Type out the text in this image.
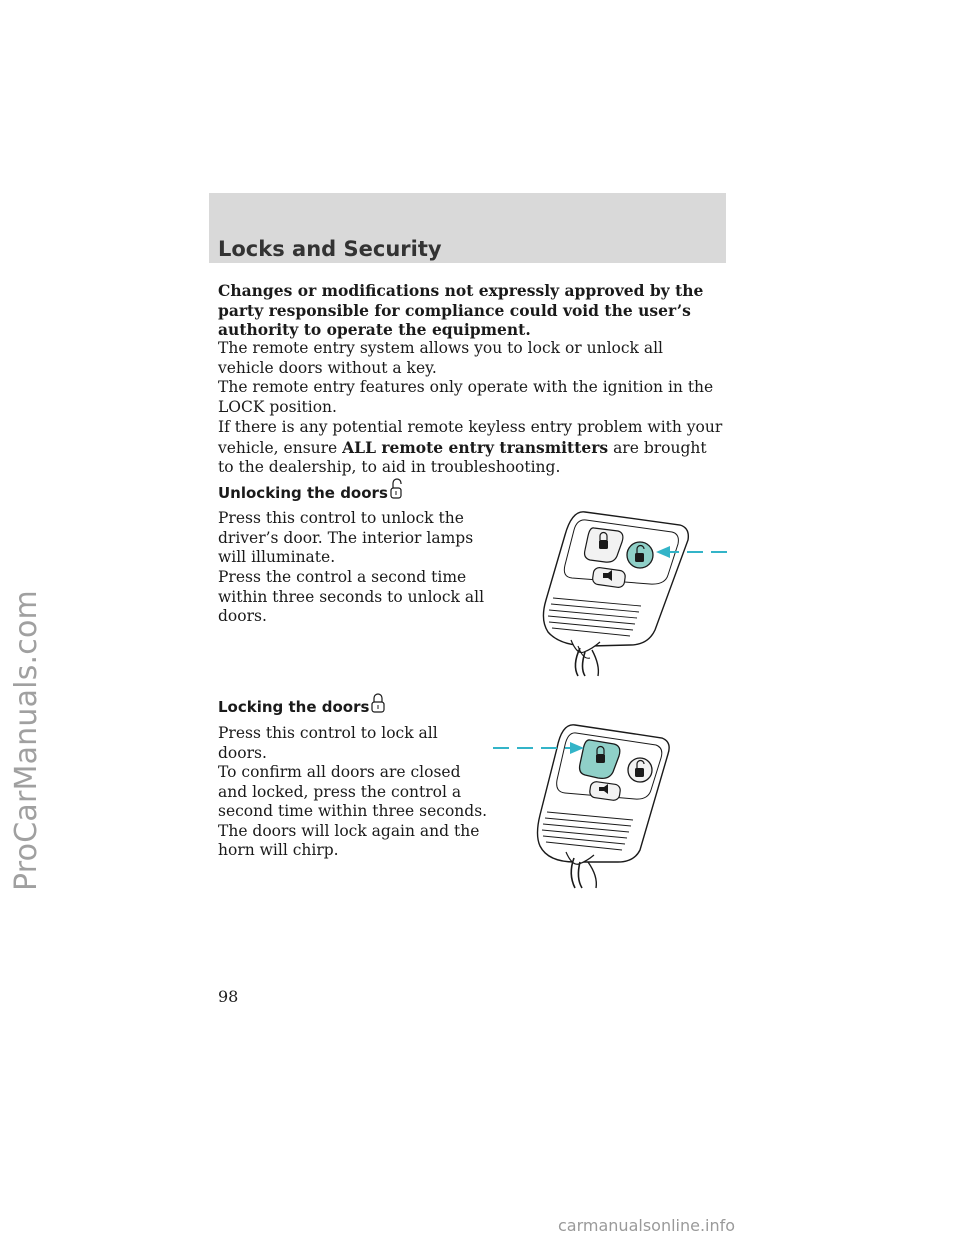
ProCarManuals.com
Locks and Security

Changes or modifications not expressly approved by the party responsible for compliance could void the user’s authority to operate the equipment.

The remote entry system allows you to lock or unlock all vehicle doors without a key.

The remote entry features only operate with the ignition in the LOCK position.

If there is any potential remote keyless entry problem with your vehicle, ensure ALL remote entry transmitters are brought to the dealership, to aid in troubleshooting.

Unlocking the doors

Press this control to unlock the driver’s door. The interior lamps will illuminate.

Press the control a second time within three seconds to unlock all doors.

Locking the doors

Press this control to lock all doors.

To confirm all doors are closed and locked, press the control a second time within three seconds. The doors will lock again and the horn will chirp.

98

carmanualsonline.info
